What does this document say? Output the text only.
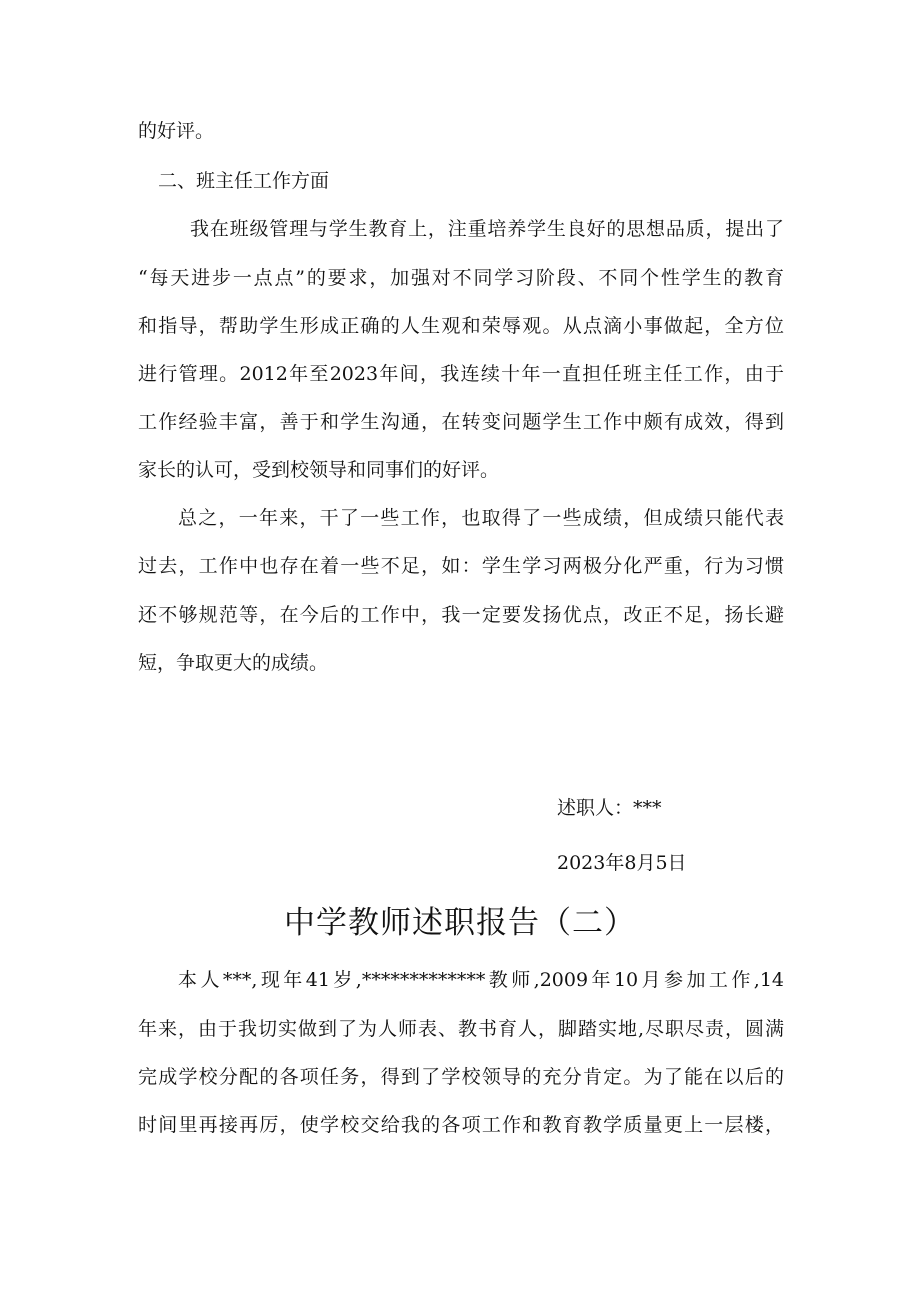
的好评。
二、班主任工作方面
我在班级管理与学生教育上，注重培养学生良好的思想品质，提出了
“每天进步一点点”的要求，加强对不同学习阶段、不同个性学生的教育
和指导，帮助学生形成正确的人生观和荣辱观。从点滴小事做起，全方位
进行管理。2012年至2023年间，我连续十年一直担任班主任工作，由于
工作经验丰富，善于和学生沟通，在转变问题学生工作中颇有成效，得到
家长的认可，受到校领导和同事们的好评。
总之，一年来，干了一些工作，也取得了一些成绩，但成绩只能代表
过去，工作中也存在着一些不足，如：学生学习两极分化严重，行为习惯
还不够规范等，在今后的工作中，我一定要发扬优点，改正不足，扬长避
短，争取更大的成绩。
述职人：***
2023年8月5日
中学教师述职报告（二）
本人***,现年41岁,*************教师,2009年10月参加工作,14
年来，由于我切实做到了为人师表、教书育人，脚踏实地,尽职尽责，圆满
完成学校分配的各项任务，得到了学校领导的充分肯定。为了能在以后的
时间里再接再厉，使学校交给我的各项工作和教育教学质量更上一层楼，
